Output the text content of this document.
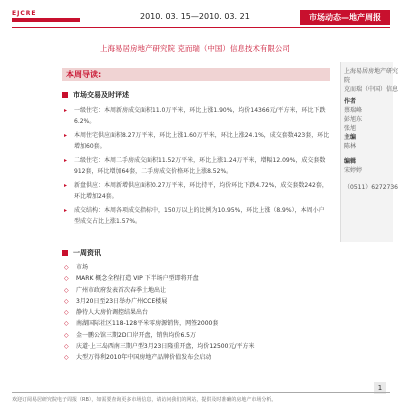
EJCRE	2010. 03. 15—2010. 03. 21	市场动态—地产周报
上海易居房地产研究院 克而瑞（中国）信息技术有限公司
本周导读:
市场交易及时评述
▸ 一级住宅：本周新房成交面积11.0万平米，环比上涨1.90%，均价14366元/平方米，环比下跌6.2%。
▸ 本周住宅供应面积8.27万平米，环比上涨1.60万平米，环比上涨24.1%，成交套数423套，环比增加60套。
▸ 二级住宅：本周二手房成交面积11.52万平米，环比上涨1.24万平米，增幅12.09%，成交套数912套，环比增加64套，二手房成交价格环比上涨8.52%。
▸ 新盘供应：本周新增供应面积0.27万平米，环比持平，均价环比下跌4.72%，成交套数242套，环比增加24套。
▸ 成交结构：本周各项成交指标中，150万以上的比例为10.95%，环比上涨（8.9%），本周小户型成交占比上涨1.57%。
一周资讯
◇ 市场
◇ MARK 概念全程打造 VIP 下半场户型即将开盘
◇ 广州市政府发表首次春季土地出让
◇ 3月20日至23日举办广州CCE楼展
◇ 静待人大房价调控结果出台
◇ 南湖国际社区118-128平米零房源销售，网签2000套
◇ 金一鹏公馆三期2D口岸开盘，销售均价6.5万
◇ 庆道·上三岛西南三期户型3月23日隆重开盘，均价12500元/平方米
◇ 大型万得利2010年中国房地产品牌价值发布会启动
上海易居房地产研究院
克而瑞（中国）信息
作者
蔡瑞峰
彭旭东
张旭
主编
陈林
编辑
宋婷婷
（0511）6272736
1
欢迎订阅易居研究院电子周报（RB），如需要查询更多市场信息，请访问我们的网站，提供及时准确的房地产市场分析。
